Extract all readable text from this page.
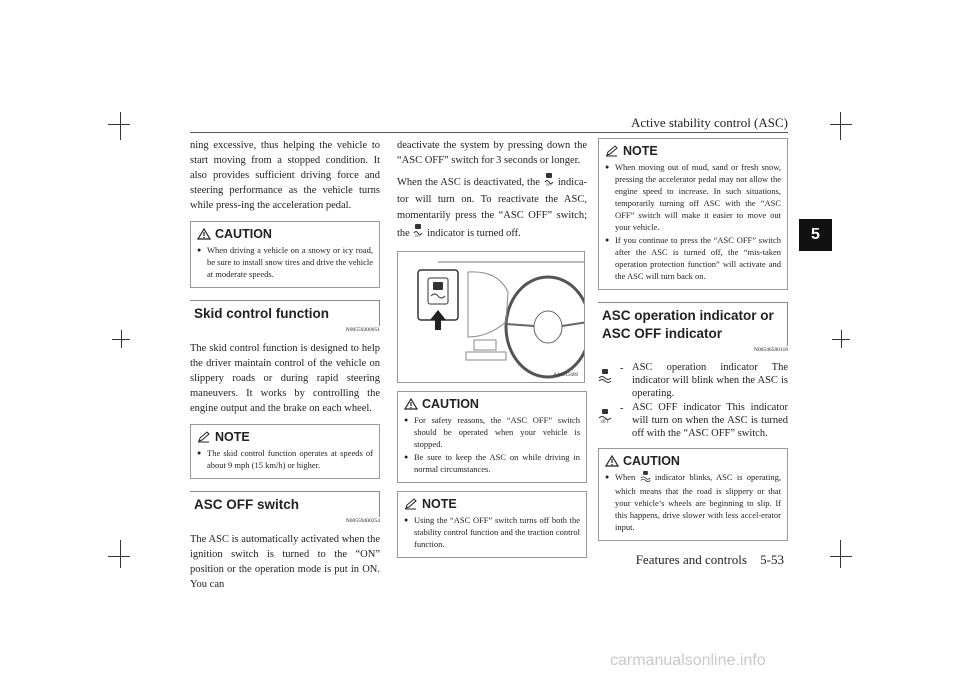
Active stability control (ASC)
5

ning excessive, thus helping the vehicle to start moving from a stopped condition. It also provides sufficient driving force and steering performance as the vehicle turns while press-ing the acceleration pedal.

CAUTION
● When driving a vehicle on a snowy or icy road, be sure to install snow tires and drive the vehicle at moderate speeds.
Skid control function
N00559300051

The skid control function is designed to help the driver maintain control of the vehicle on slippery roads or during rapid steering maneuvers. It works by controlling the engine output and the brake on each wheel.

NOTE
● The skid control function operates at speeds of about 9 mph (15 km/h) or higher.
ASC OFF switch
N00559400254

The ASC is automatically activated when the ignition switch is turned to the “ON” position or the operation mode is put in ON. You can

deactivate the system by pressing down the “ASC OFF” switch for 3 seconds or longer.

When the ASC is deactivated, the OFF indica-tor will turn on. To reactivate the ASC, momentarily press the “ASC OFF” switch; the OFF indicator is turned off.

AA0315609
CAUTION
● For safety reasons, the “ASC OFF” switch should be operated when your vehicle is stopped.
● Be sure to keep the ASC on while driving in normal circumstances.
NOTE
● Using the “ASC OFF” switch turns off both the stability control function and the traction control function.
NOTE
● When moving out of mud, sand or fresh snow, pressing the accelerator pedal may not allow the engine speed to increase. In such situations, temporarily turning off ASC with the “ASC OFF” switch will make it easier to move out your vehicle.
● If you continue to press the “ASC OFF” switch after the ASC is turned off, the “mis-taken operation protection function” will activate and the ASC will turn back on.
ASC operation indicator or ASC OFF indicator
N00546500118
- ASC operation indicator The indicator will blink when the ASC is operating.
OFF
- ASC OFF indicator This indicator will turn on when the ASC is turned off with the “ASC OFF” switch.
CAUTION
● When indicator blinks, ASC is operating, which means that the road is slippery or that your vehicle’s wheels are beginning to slip. If this happens, drive slower with less accel-erator input.
Features and controls 5-53
carmanualsonline.info
